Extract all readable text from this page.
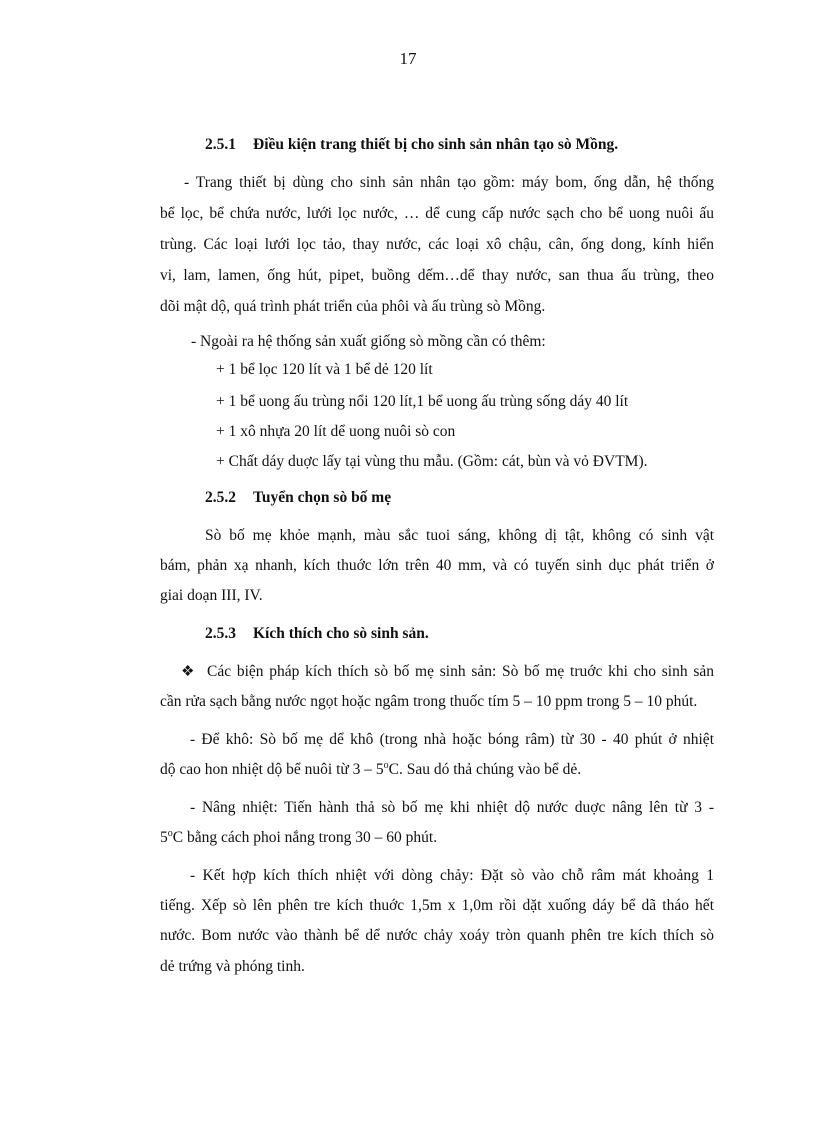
17
2.5.1 Điều kiện trang thiết bị cho sinh sản nhân tạo sò Mồng.
- Trang thiết bị dùng cho sinh sản nhân tạo gồm: máy bom, ống dẫn, hệ thống
bể lọc, bể chứa nước, lưới lọc nước, … dể cung cấp nước sạch cho bể uong nuôi ấu
trùng. Các loại lưới lọc tảo, thay nước, các loại xô chậu, cân, ống dong, kính hiển
vi, lam, lamen, ống hút, pipet, buồng dếm…dể thay nước, san thua ấu trùng, theo
dõi mật dộ, quá trình phát triển của phôi và ấu trùng sò Mồng.
- Ngoài ra hệ thống sản xuất giống sò mồng cần có thêm:
+ 1 bể lọc 120 lít và 1 bể dẻ 120 lít
+ 1 bể uong ấu trùng nổi 120 lít,1 bể uong ấu trùng sống dáy 40 lít
+ 1 xô nhựa 20 lít dể uong nuôi sò con
+ Chất dáy duợc lấy tại vùng thu mẫu. (Gồm: cát, bùn và vỏ ĐVTM).
2.5.2 Tuyển chọn sò bố mẹ
Sò bố mẹ khỏe mạnh, màu sắc tuoi sáng, không dị tật, không có sinh vật
bám, phản xạ nhanh, kích thuớc lớn trên 40 mm, và có tuyến sinh dục phát triển ở
giai doạn III, IV.
2.5.3 Kích thích cho sò sinh sản.
❖ Các biện pháp kích thích sò bố mẹ sinh sản: Sò bố mẹ truớc khi cho sinh sản
cần rửa sạch bằng nước ngọt hoặc ngâm trong thuốc tím 5 – 10 ppm trong 5 – 10 phút.
- Để khô: Sò bố mẹ dể khô (trong nhà hoặc bóng râm) từ 30 - 40 phút ở nhiệt
dộ cao hon nhiệt dộ bể nuôi từ 3 – 5$^o$C. Sau dó thả chúng vào bể dẻ.
- Nâng nhiệt: Tiến hành thả sò bố mẹ khi nhiệt dộ nước duợc nâng lên từ 3 -
5$^o$C bằng cách phoi nắng trong 30 – 60 phút.
- Kết hợp kích thích nhiệt với dòng chảy: Đặt sò vào chỗ râm mát khoảng 1
tiếng. Xếp sò lên phên tre kích thuớc 1,5m x 1,0m rồi dặt xuống dáy bể dã tháo hết
nước. Bom nước vào thành bể dể nước chảy xoáy tròn quanh phên tre kích thích sò
dẻ trứng và phóng tinh.
